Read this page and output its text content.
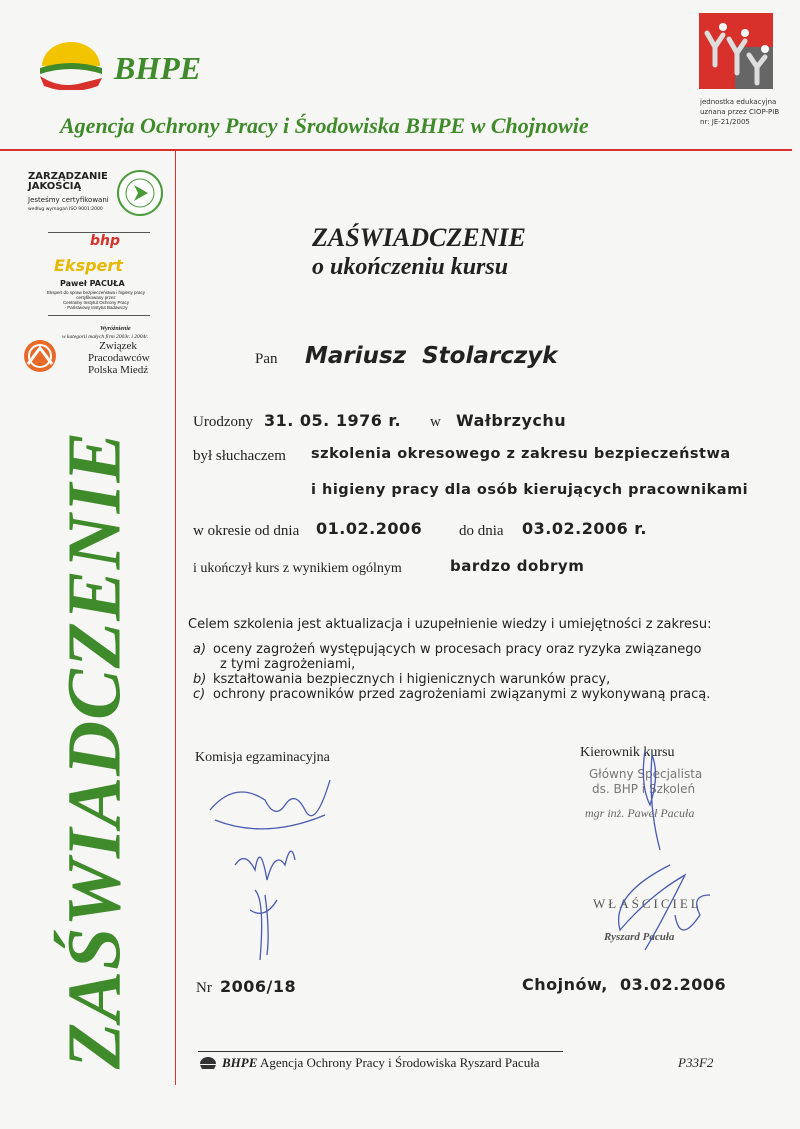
BHPE
Agencja Ochrony Pracy i Środowiska BHPE w Chojnowie
jednostka edukacyjna
uznana przez CIOP-PIB
nr: JE-21/2005
ZARZĄDZANIE
JAKOŚCIĄ
Jesteśmy certyfikowani
według wymagań ISO 9001:2000
bhp
Ekspert
Paweł PACUŁA
Ekspert do spraw bezpieczeństwa i higieny pracy
certyfikowany przez
Centralny Instytut Ochrony Pracy
- Państwowy Instytut Badawczy
Wyróżnienie
w kategorii małych firm 2003r. i 2004r.
Związek
Pracodawców
Polska Miedź
ZAŚWIADCZENIE
ZAŚWIADCZENIE
o ukończeniu kursu
Pan Mariusz  Stolarczyk
Urodzony 31. 05. 1976 r. w Wałbrzychu
był słuchaczem szkolenia okresowego z zakresu bezpieczeństwa
i higieny pracy dla osób kierujących pracownikami
w okresie od dnia 01.02.2006 do dnia 03.02.2006 r.
i ukończył kurs z wynikiem ogólnym	bardzo dobrym
Celem szkolenia jest aktualizacja i uzupełnienie wiedzy i umiejętności z zakresu:
a) oceny zagrożeń występujących w procesach pracy oraz ryzyka związanego
z tymi zagrożeniami,
b) kształtowania bezpiecznych i higienicznych warunków pracy,
c) ochrony pracowników przed zagrożeniami związanymi z wykonywaną pracą.
Komisja egzaminacyjna	Kierownik kursu
Główny Specjalista
ds. BHP i Szkoleń
mgr inż. Paweł Pacuła
WŁAŚCICIEL
Ryszard Pacuła
Nr 2006/18	Chojnów,  03.02.2006
BHPE Agencja Ochrony Pracy i Środowiska Ryszard Pacuła	P33F2
